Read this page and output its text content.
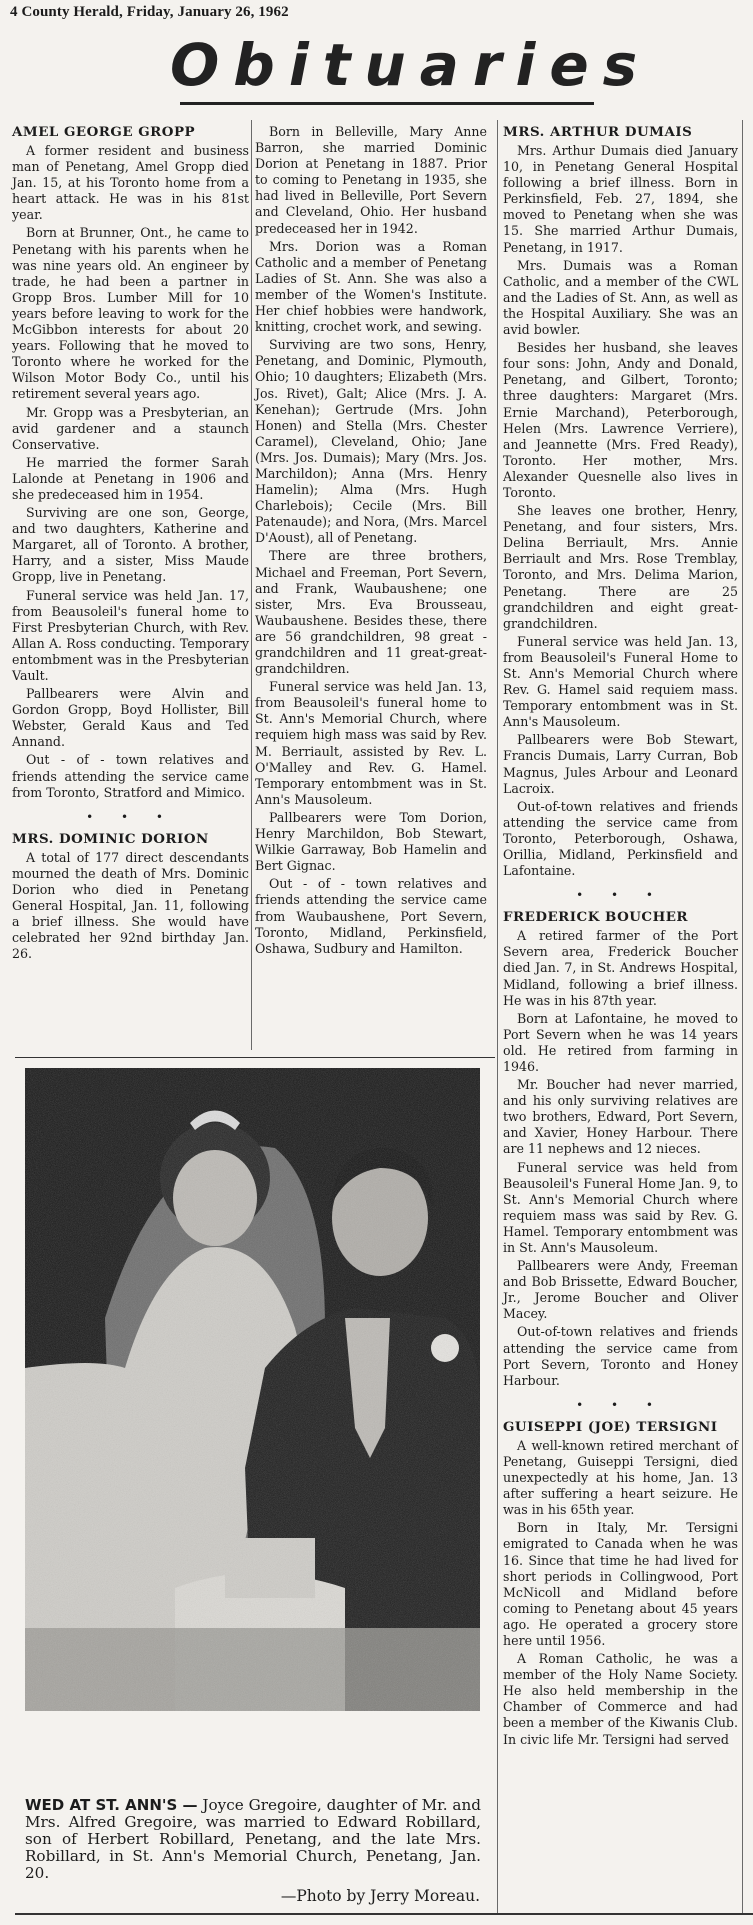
4 County Herald, Friday, January 26, 1962
Obituaries
AMEL GEORGE GROPP

A former resident and business man of Penetang, Amel Gropp died Jan. 15, at his Toronto home from a heart attack. He was in his 81st year.

Born at Brunner, Ont., he came to Penetang with his parents when he was nine years old. An engineer by trade, he had been a partner in Gropp Bros. Lumber Mill for 10 years before leaving to work for the McGibbon interests for about 20 years. Following that he moved to Toronto where he worked for the Wilson Motor Body Co., until his retirement several years ago.

Mr. Gropp was a Presbyterian, an avid gardener and a staunch Conservative.

He married the former Sarah Lalonde at Penetang in 1906 and she predeceased him in 1954.

Surviving are one son, George, and two daughters, Katherine and Margaret, all of Toronto. A brother, Harry, and a sister, Miss Maude Gropp, live in Penetang.

Funeral service was held Jan. 17, from Beausoleil's funeral home to First Presbyterian Church, with Rev. Allan A. Ross conducting. Temporary entombment was in the Presbyterian Vault.

Pallbearers were Alvin and Gordon Gropp, Boyd Hollister, Bill Webster, Gerald Kaus and Ted Annand.

Out - of - town relatives and friends attending the service came from Toronto, Stratford and Mimico.

• • •
MRS. DOMINIC DORION

A total of 177 direct descendants mourned the death of Mrs. Dominic Dorion who died in Penetang General Hospital, Jan. 11, following a brief illness. She would have celebrated her 92nd birthday Jan. 26.

Born in Belleville, Mary Anne Barron, she married Dominic Dorion at Penetang in 1887. Prior to coming to Penetang in 1935, she had lived in Belleville, Port Severn and Cleveland, Ohio. Her husband predeceased her in 1942.

Mrs. Dorion was a Roman Catholic and a member of Penetang Ladies of St. Ann. She was also a member of the Women's Institute. Her chief hobbies were handwork, knitting, crochet work, and sewing.

Surviving are two sons, Henry, Penetang, and Dominic, Plymouth, Ohio; 10 daughters; Elizabeth (Mrs. Jos. Rivet), Galt; Alice (Mrs. J. A. Kenehan); Gertrude (Mrs. John Honen) and Stella (Mrs. Chester Caramel), Cleveland, Ohio; Jane (Mrs. Jos. Dumais); Mary (Mrs. Jos. Marchildon); Anna (Mrs. Henry Hamelin); Alma (Mrs. Hugh Charlebois); Cecile (Mrs. Bill Patenaude); and Nora, (Mrs. Marcel D'Aoust), all of Penetang.

There are three brothers, Michael and Freeman, Port Severn, and Frank, Waubaushene; one sister, Mrs. Eva Brousseau, Waubaushene. Besides these, there are 56 grandchildren, 98 great - grandchildren and 11 great-great-grandchildren.

Funeral service was held Jan. 13, from Beausoleil's funeral home to St. Ann's Memorial Church, where requiem high mass was said by Rev. M. Berriault, assisted by Rev. L. O'Malley and Rev. G. Hamel. Temporary entombment was in St. Ann's Mausoleum.

Pallbearers were Tom Dorion, Henry Marchildon, Bob Stewart, Wilkie Garraway, Bob Hamelin and Bert Gignac.

Out - of - town relatives and friends attending the service came from Waubaushene, Port Severn, Toronto, Midland, Perkinsfield, Oshawa, Sudbury and Hamilton.

MRS. ARTHUR DUMAIS

Mrs. Arthur Dumais died January 10, in Penetang General Hospital following a brief illness. Born in Perkinsfield, Feb. 27, 1894, she moved to Penetang when she was 15. She married Arthur Dumais, Penetang, in 1917.

Mrs. Dumais was a Roman Catholic, and a member of the CWL and the Ladies of St. Ann, as well as the Hospital Auxiliary. She was an avid bowler.

Besides her husband, she leaves four sons: John, Andy and Donald, Penetang, and Gilbert, Toronto; three daughters: Margaret (Mrs. Ernie Marchand), Peterborough, Helen (Mrs. Lawrence Verriere), and Jeannette (Mrs. Fred Ready), Toronto. Her mother, Mrs. Alexander Quesnelle also lives in Toronto.

She leaves one brother, Henry, Penetang, and four sisters, Mrs. Delina Berriault, Mrs. Annie Berriault and Mrs. Rose Tremblay, Toronto, and Mrs. Delima Marion, Penetang. There are 25 grandchildren and eight great-grandchildren.

Funeral service was held Jan. 13, from Beausoleil's Funeral Home to St. Ann's Memorial Church where Rev. G. Hamel said requiem mass. Temporary entombment was in St. Ann's Mausoleum.

Pallbearers were Bob Stewart, Francis Dumais, Larry Curran, Bob Magnus, Jules Arbour and Leonard Lacroix.

Out-of-town relatives and friends attending the service came from Toronto, Peterborough, Oshawa, Orillia, Midland, Perkinsfield and Lafontaine.

• • •
FREDERICK BOUCHER

A retired farmer of the Port Severn area, Frederick Boucher died Jan. 7, in St. Andrews Hospital, Midland, following a brief illness. He was in his 87th year.

Born at Lafontaine, he moved to Port Severn when he was 14 years old. He retired from farming in 1946.

Mr. Boucher had never married, and his only surviving relatives are two brothers, Edward, Port Severn, and Xavier, Honey Harbour. There are 11 nephews and 12 nieces.

Funeral service was held from Beausoleil's Funeral Home Jan. 9, to St. Ann's Memorial Church where requiem mass was said by Rev. G. Hamel. Temporary entombment was in St. Ann's Mausoleum.

Pallbearers were Andy, Freeman and Bob Brissette, Edward Boucher, Jr., Jerome Boucher and Oliver Macey.

Out-of-town relatives and friends attending the service came from Port Severn, Toronto and Honey Harbour.

• • •
GUISEPPI (JOE) TERSIGNI

A well-known retired merchant of Penetang, Guiseppi Tersigni, died unexpectedly at his home, Jan. 13 after suffering a heart seizure. He was in his 65th year.

Born in Italy, Mr. Tersigni emigrated to Canada when he was 16. Since that time he had lived for short periods in Collingwood, Port McNicoll and Midland before coming to Penetang about 45 years ago. He operated a grocery store here until 1956.

A Roman Catholic, he was a member of the Holy Name Society. He also held membership in the Chamber of Commerce and had been a member of the Kiwanis Club. In civic life Mr. Tersigni had served

WED AT ST. ANN'S — Joyce Gregoire, daughter of Mr. and Mrs. Alfred Gregoire, was married to Edward Robillard, son of Herbert Robillard, Penetang, and the late Mrs. Robillard, in St. Ann's Memorial Church, Penetang, Jan. 20.
—Photo by Jerry Moreau.
